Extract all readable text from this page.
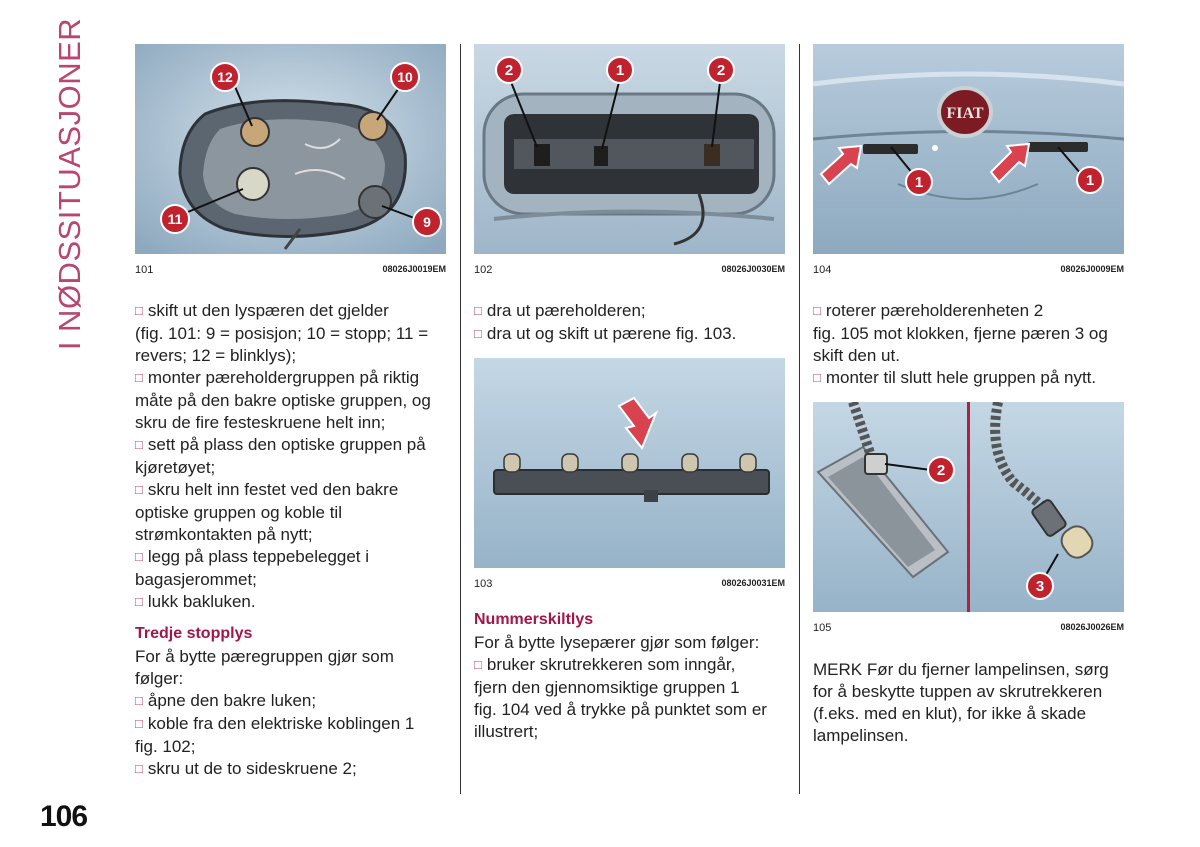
I NØDSSITUASJONER	12	10
11	9
101	08026J0019EM
2	1	2
102	08026J0030EM
103	08026J0031EM
FIAT
1	1
104	08026J0009EM
2
3
105	08026J0026EM

□ skift ut den lyspæren det gjelder

(fig. 101: 9 = posisjon; 10 = stopp; 11 =

revers; 12 = blinklys);

□ monter pæreholdergruppen på riktig

måte på den bakre optiske gruppen, og

skru de fire festeskruene helt inn;

□ sett på plass den optiske gruppen på

kjøretøyet;

□ skru helt inn festet ved den bakre

optiske gruppen og koble til

strømkontakten på nytt;

□ legg på plass teppebelegget i

bagasjerommet;

□ lukk bakluken.

Tredje stopplys

For å bytte pæregruppen gjør som

følger:

□ åpne den bakre luken;

□ koble fra den elektriske koblingen 1

fig. 102;

□ skru ut de to sideskruene 2;

□ dra ut pæreholderen;

□ dra ut og skift ut pærene fig. 103.

Nummerskiltlys

For å bytte lysepærer gjør som følger:

□ bruker skrutrekkeren som inngår,

fjern den gjennomsiktige gruppen 1

fig. 104 ved å trykke på punktet som er

illustrert;

□ roterer pæreholderenheten 2

fig. 105 mot klokken, fjerne pæren 3 og

skift den ut.

□ monter til slutt hele gruppen på nytt.

MERK Før du fjerner lampelinsen, sørg

for å beskytte tuppen av skrutrekkeren

(f.eks. med en klut), for ikke å skade

lampelinsen.

106
